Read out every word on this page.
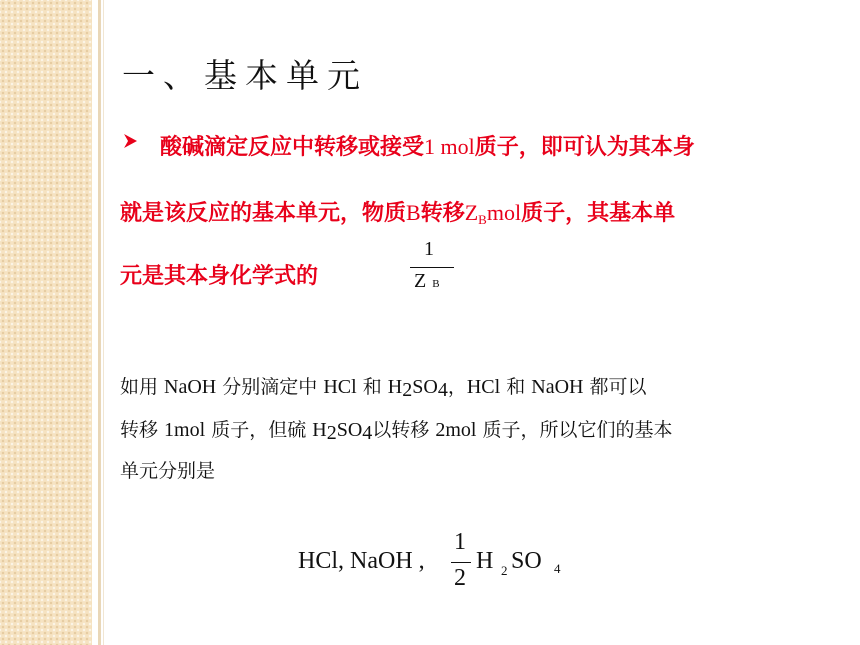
一、基本单元
酸碱滴定反应中转移或接受1 mol质子，即可认为其本身
就是该反应的基本单元，物质B转移ZBmol质子，其基本单
元是其本身化学式的
1
Z B
如用 NaOH 分别滴定中 HCl 和 $H_2SO_4$，HCl 和 NaOH 都可以
转移 1mol 质子，但硫 $H_2SO_4$以转移 2mol 质子，所以它们的基本
单元分别是
HCl, NaOH ,
1
2
H 2 SO 4
